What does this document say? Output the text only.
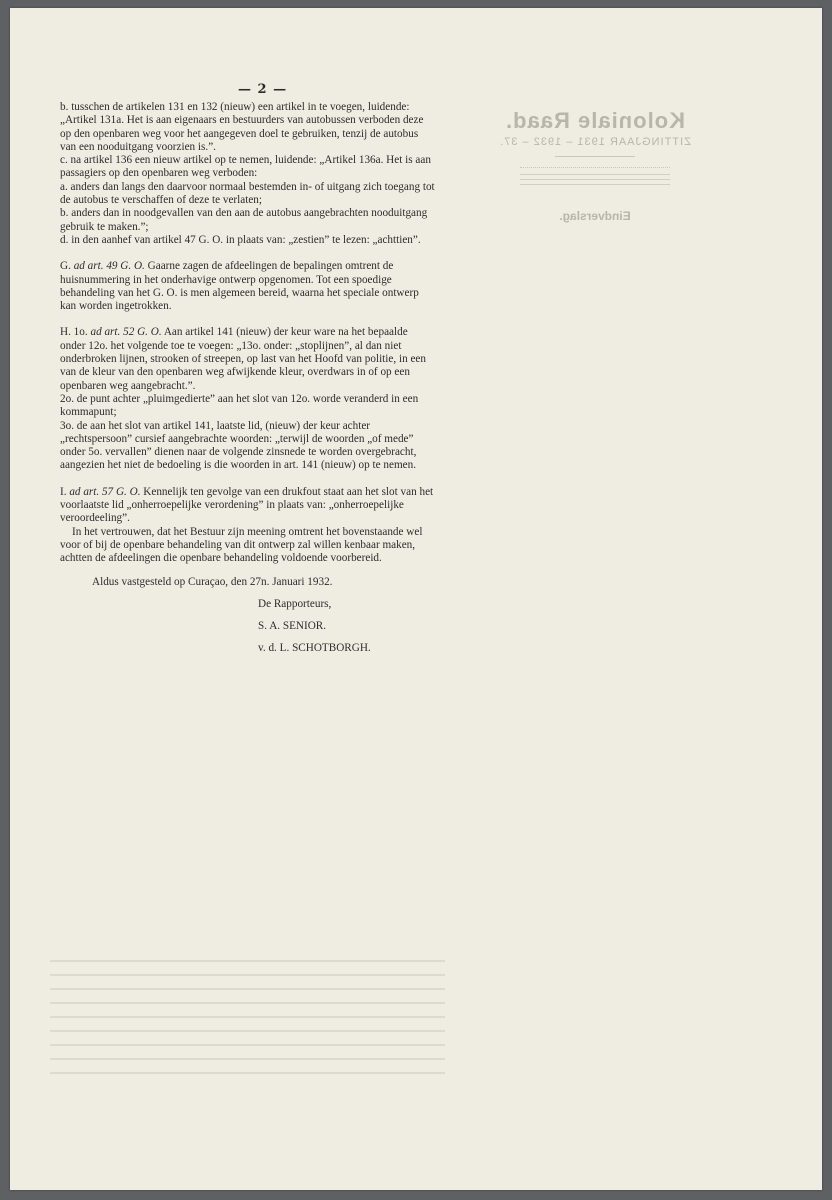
— 2 —
Koloniale Raad.
ZITTINGJAAR 1931 – 1932 – 37.
Eindverslag.

b. tusschen de artikelen 131 en 132 (nieuw) een artikel in te voegen, luidende: „Artikel 131a. Het is aan eigenaars en bestuurders van autobussen verboden deze op den openbaren weg voor het aangegeven doel te gebruiken, tenzij de autobus van een nooduitgang voorzien is.”.

c. na artikel 136 een nieuw artikel op te nemen, luidende: „Artikel 136a. Het is aan passagiers op den openbaren weg verboden:

a. anders dan langs den daarvoor normaal bestemden in- of uitgang zich toegang tot de autobus te verschaffen of deze te verlaten;

b. anders dan in noodgevallen van den aan de autobus aangebrachten nooduitgang gebruik te maken.”;

d. in den aanhef van artikel 47 G. O. in plaats van: „zestien” te lezen: „achttien”.

G. ad art. 49 G. O. Gaarne zagen de afdeelingen de bepalingen omtrent de huisnummering in het onderhavige ontwerp opgenomen. Tot een spoedige behandeling van het G. O. is men algemeen bereid, waarna het speciale ontwerp kan worden ingetrokken.

H. 1o. ad art. 52 G. O. Aan artikel 141 (nieuw) der keur ware na het bepaalde onder 12o. het volgende toe te voegen: „13o. onder: „stoplijnen”, al dan niet onderbroken lijnen, strooken of streepen, op last van het Hoofd van politie, in een van de kleur van den openbaren weg afwijkende kleur, overdwars in of op een openbaren weg aangebracht.”.

2o. de punt achter „pluimgedierte” aan het slot van 12o. worde veranderd in een kommapunt;

3o. de aan het slot van artikel 141, laatste lid, (nieuw) der keur achter „rechtspersoon” cursief aangebrachte woorden: „terwijl de woorden „of mede” onder 5o. vervallen” dienen naar de volgende zinsnede te worden overgebracht, aangezien het niet de bedoeling is die woorden in art. 141 (nieuw) op te nemen.

I. ad art. 57 G. O. Kennelijk ten gevolge van een drukfout staat aan het slot van het voorlaatste lid „onherroepelijke verordening” in plaats van: „onherroepelijke veroordeeling”.

In het vertrouwen, dat het Bestuur zijn meening omtrent het bovenstaande wel voor of bij de openbare behandeling van dit ontwerp zal willen kenbaar maken, achtten de afdeelingen die openbare behandeling voldoende voorbereid.

Aldus vastgesteld op Curaçao, den 27n. Januari 1932.

De Rapporteurs,

S. A. SENIOR.

v. d. L. SCHOTBORGH.
